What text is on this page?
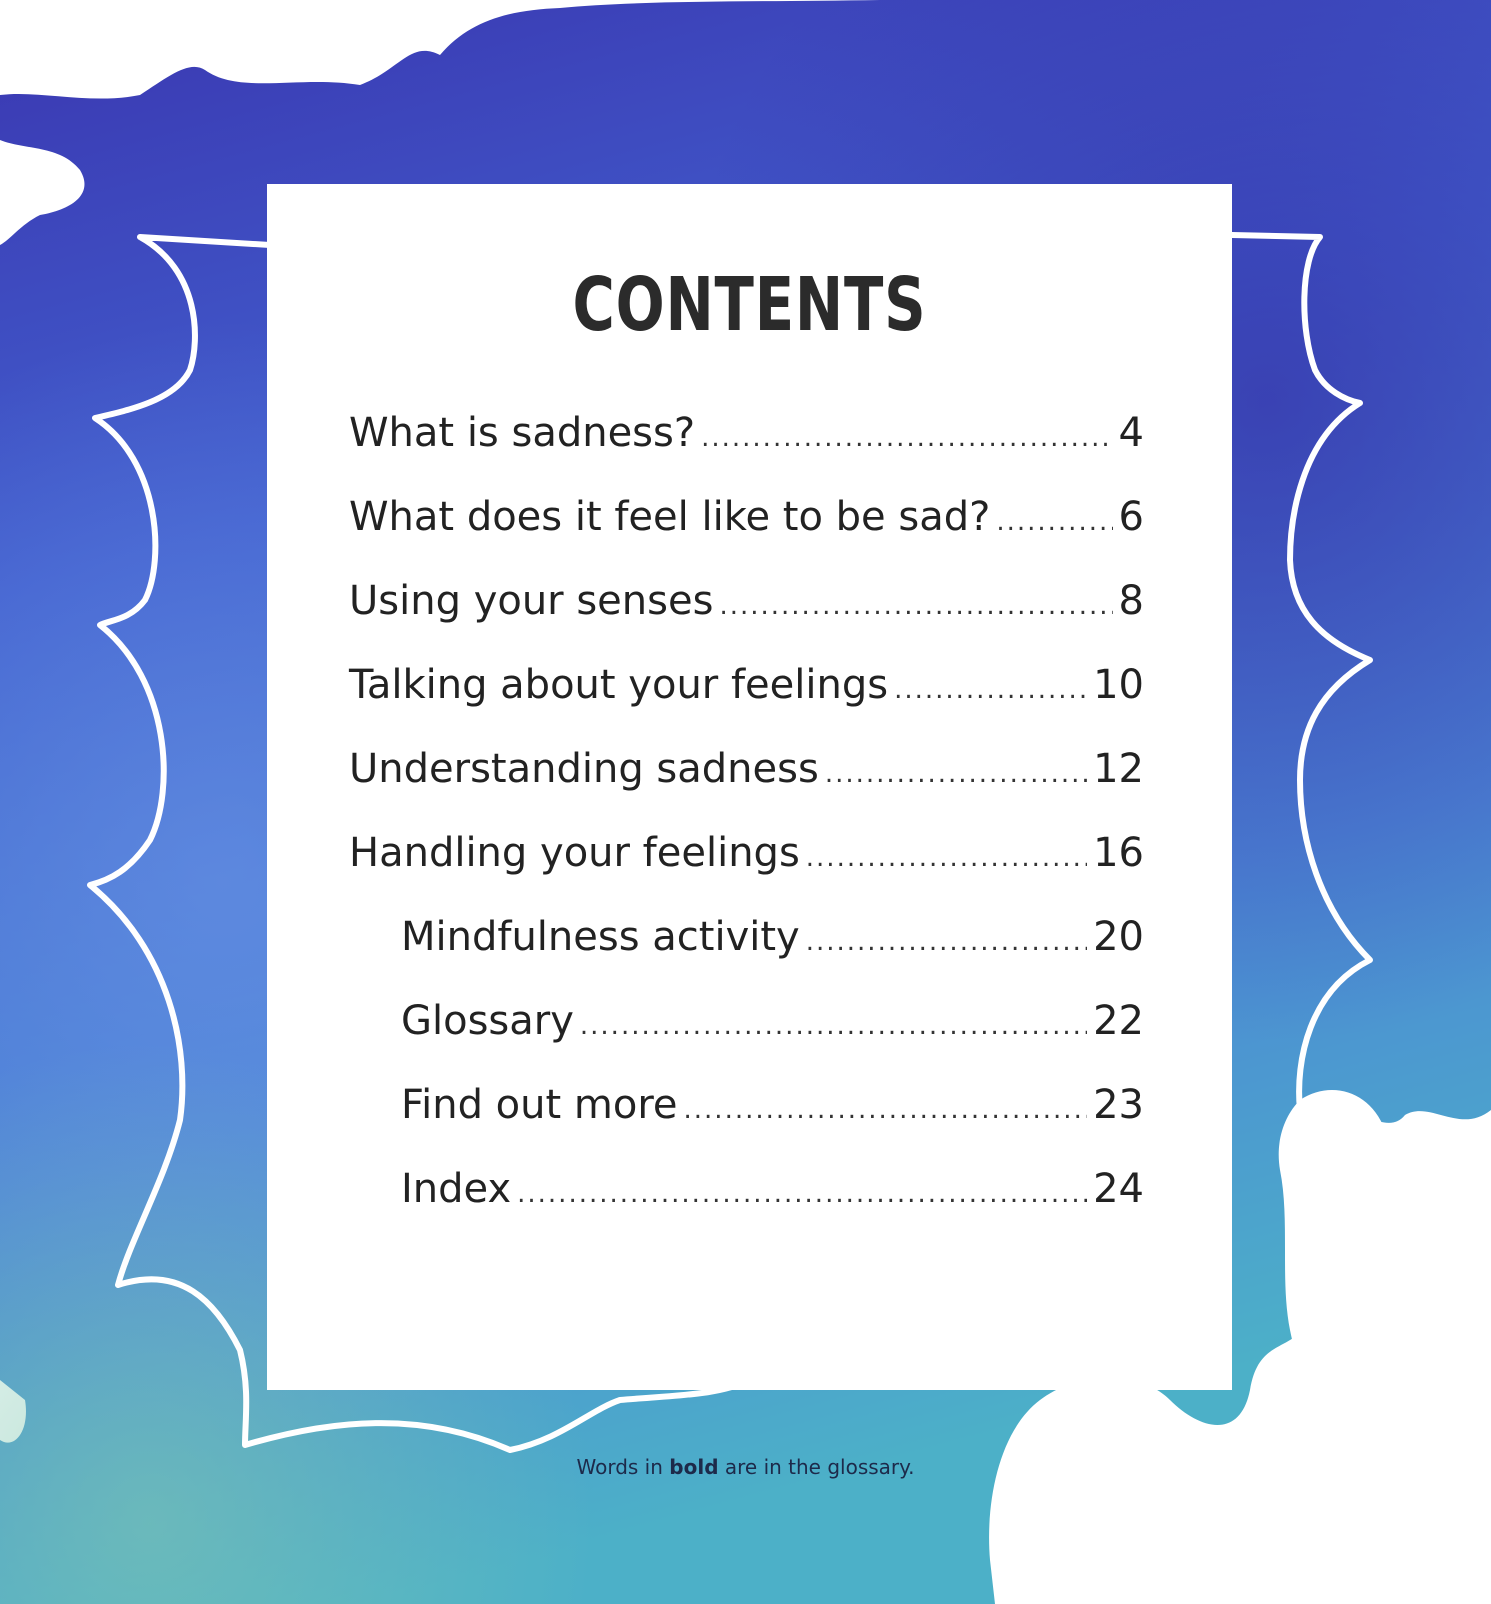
CONTENTS
What is sadness? .....	4
What does it feel like to be sad? .....	6
Using your senses .....	8
Talking about your feelings .....	10
Understanding sadness .....	12
Handling your feelings .....	16
Mindfulness activity .....	20
Glossary .....	22
Find out more .....	23
Index .....	24
Words in bold are in the glossary.
